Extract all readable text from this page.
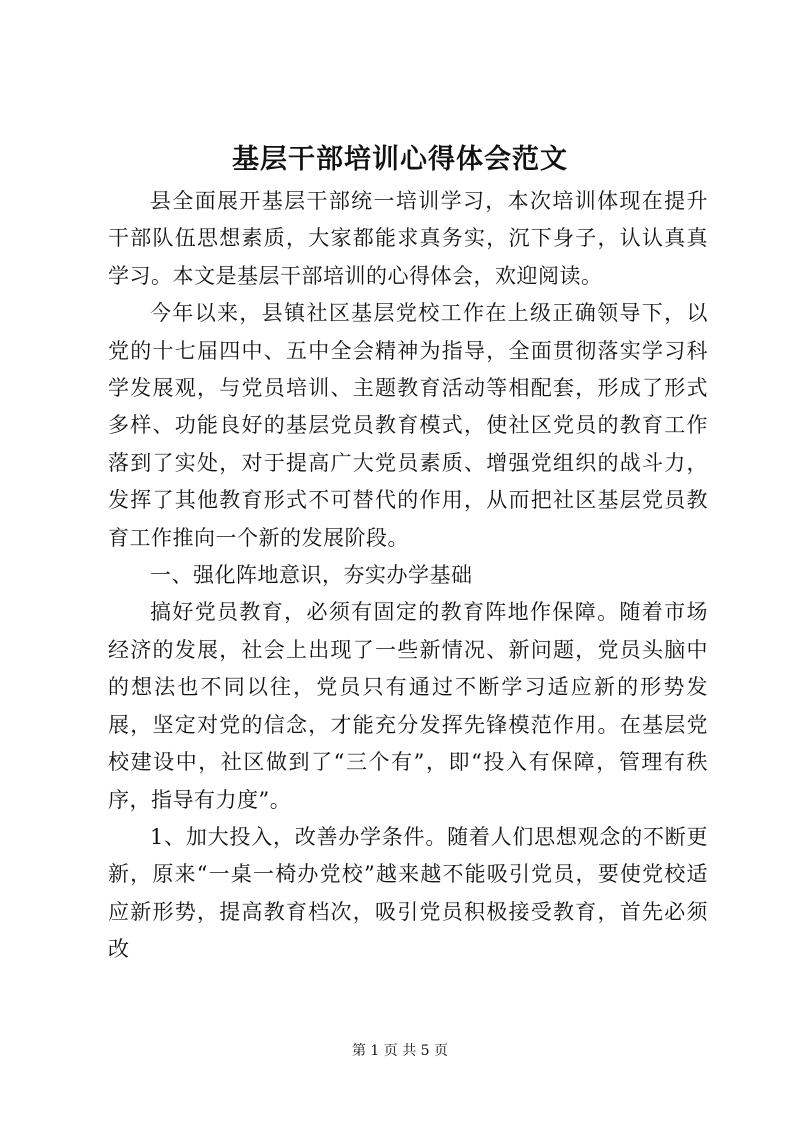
基层干部培训心得体会范文

县全面展开基层干部统一培训学习，本次培训体现在提升干部队伍思想素质，大家都能求真务实，沉下身子，认认真真学习。本文是基层干部培训的心得体会，欢迎阅读。

今年以来，县镇社区基层党校工作在上级正确领导下，以党的十七届四中、五中全会精神为指导，全面贯彻落实学习科学发展观，与党员培训、主题教育活动等相配套，形成了形式多样、功能良好的基层党员教育模式，使社区党员的教育工作落到了实处，对于提高广大党员素质、增强党组织的战斗力，发挥了其他教育形式不可替代的作用，从而把社区基层党员教育工作推向一个新的发展阶段。

一、强化阵地意识，夯实办学基础

搞好党员教育，必须有固定的教育阵地作保障。随着市场经济的发展，社会上出现了一些新情况、新问题，党员头脑中的想法也不同以往，党员只有通过不断学习适应新的形势发展，坚定对党的信念，才能充分发挥先锋模范作用。在基层党校建设中，社区做到了“三个有”，即“投入有保障，管理有秩序，指导有力度”。

1、加大投入，改善办学条件。随着人们思想观念的不断更新，原来“一桌一椅办党校”越来越不能吸引党员，要使党校适应新形势，提高教育档次，吸引党员积极接受教育，首先必须改

第 1 页 共 5 页
